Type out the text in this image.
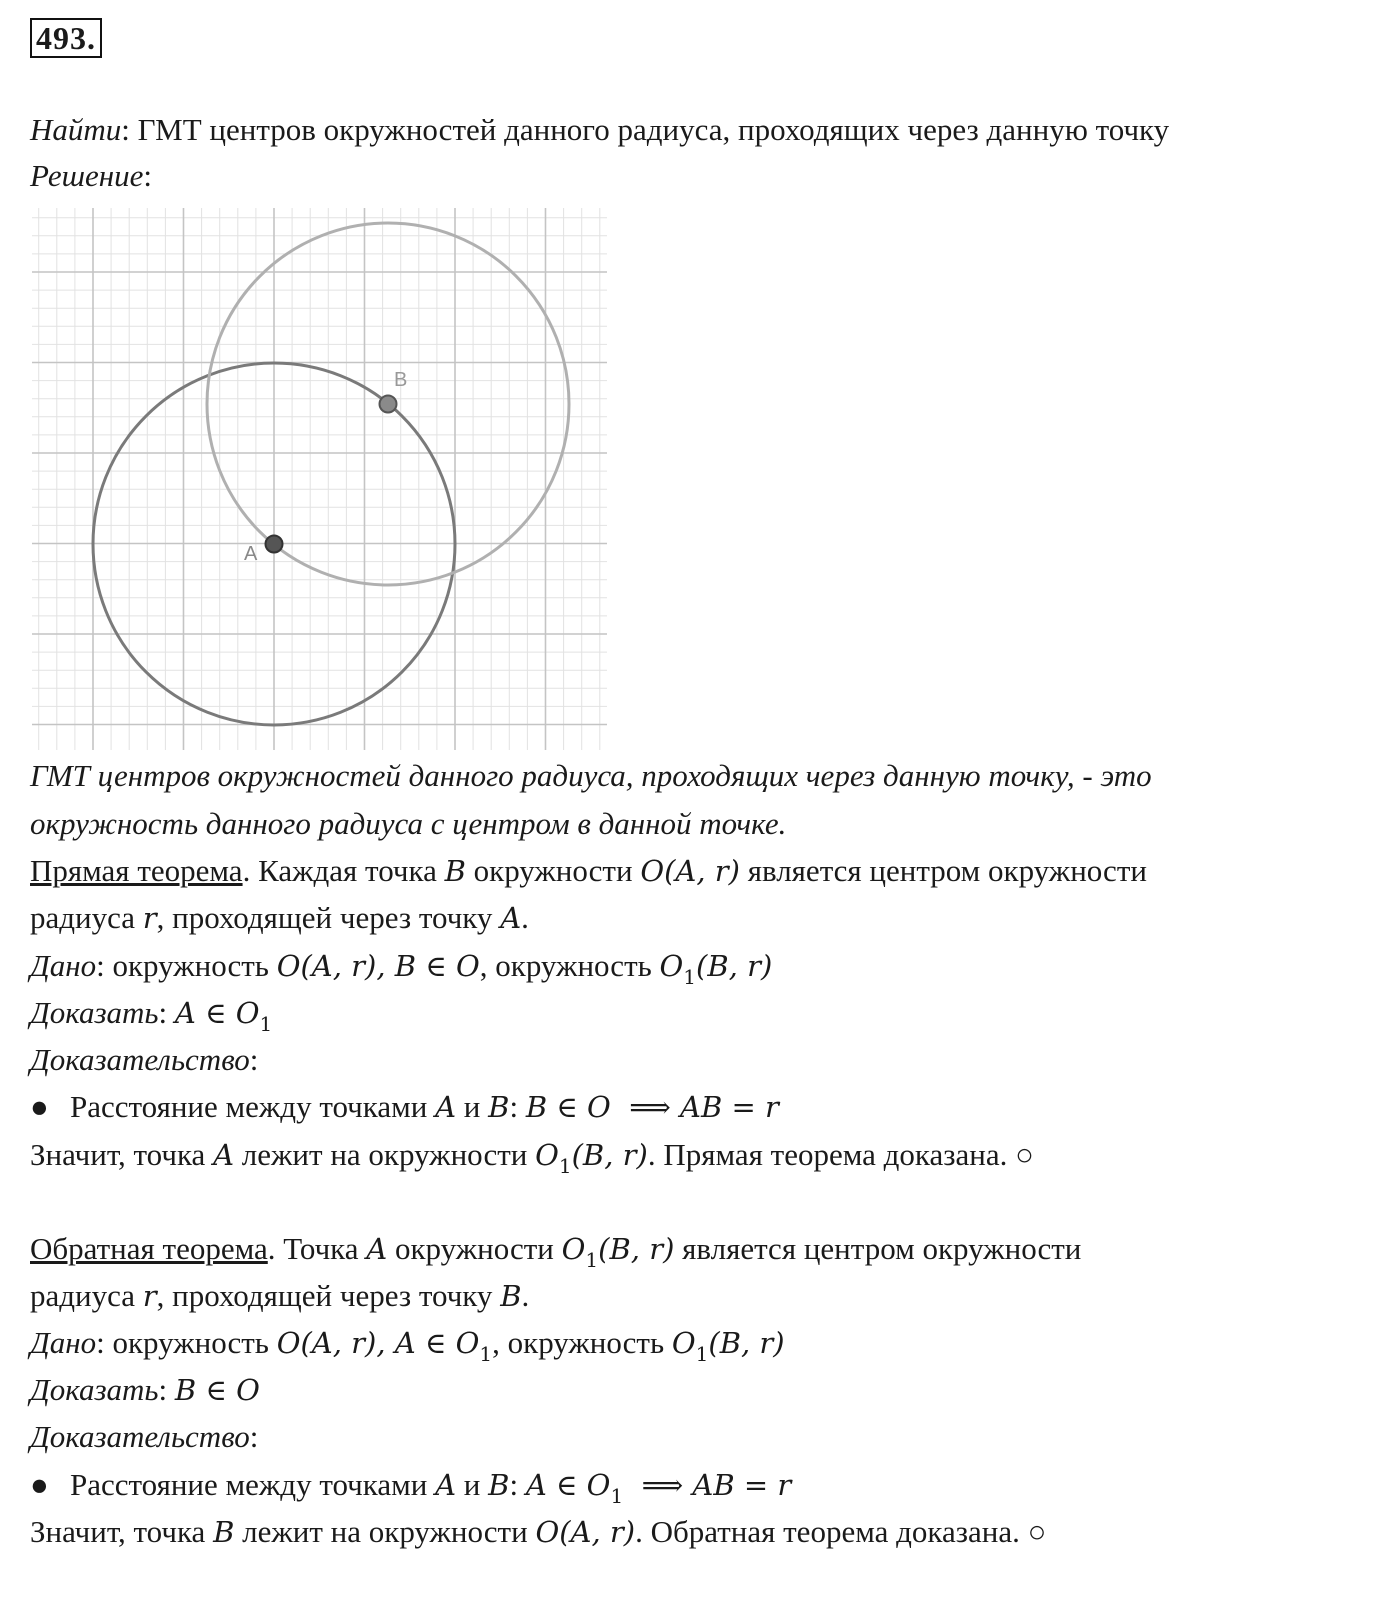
493.
Найти: ГМТ центров окружностей данного радиуса, проходящих через данную точку
Решение:
A
B
ГМТ центров окружностей данного радиуса, проходящих через данную точку, - это
окружность данного радиуса с центром в данной точке.
Прямая теорема. Каждая точка B окружности O(A, r) является центром окружности
радиуса r, проходящей через точку A.
Дано: окружность O(A, r), B ∈ O, окружность $O_1(B$, r)
Доказать: A ∈ $O_1$
Доказательство:
● Расстояние между точками A и B: B ∈ O  ⟹ AB = r
Значит, точка A лежит на окружности $O_1(B$, r). Прямая теорема доказана. ○
Обратная теорема. Точка A окружности $O_1(B$, r) является центром окружности
радиуса r, проходящей через точку B.
Дано: окружность O(A, r), A ∈ $O_1$, окружность $O_1(B$, r)
Доказать: B ∈ O
Доказательство:
● Расстояние между точками A и B: A ∈ $O_1$  ⟹ AB = r
Значит, точка B лежит на окружности O(A, r). Обратная теорема доказана. ○
